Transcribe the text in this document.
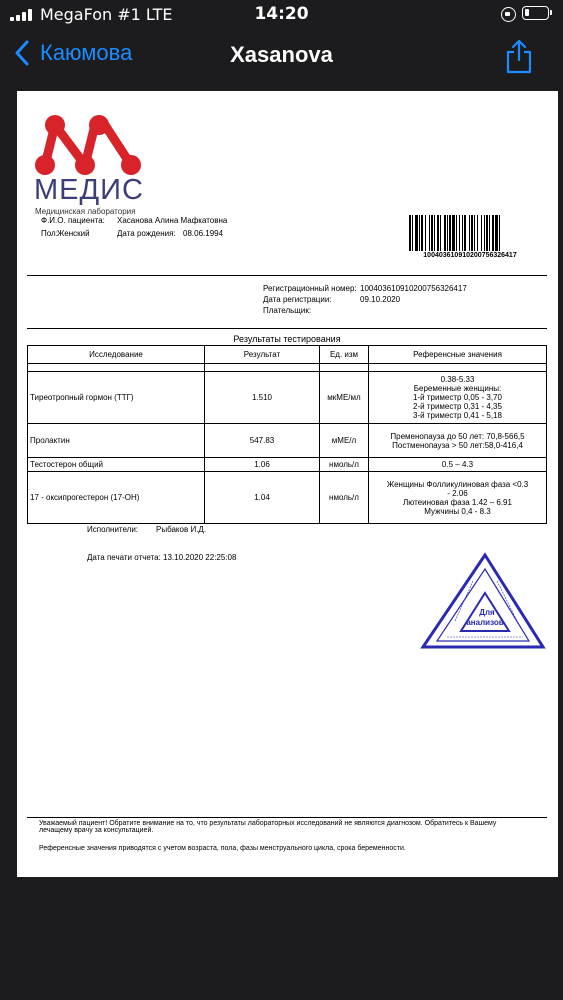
MegaFon #1 LTE	14:20
Каюмова	Xasanova
МЕДИС
Медицинская лаборатория
Ф.И.О. пациента: Хасанова Алина Мафкатовна
Пол: Женский	Дата рождения: 08.06.1994
100403610910200756326417
Регистрационный номер: 100403610910200756326417
Дата регистрации:	09.10.2020
Плательщик:
Результаты тестирования
Исследование	Результат	Ед. изм	Референсные значения

Тиреотропный гормон (ТТГ)	1.510	мкМЕ/мл	0.38-5.33
Беременные женщины:
1-й триместр 0,05 - 3,70
2-й триместр 0,31 - 4,35
3-й триместр 0,41 - 5,18

Пролактин	547.83	мМЕ/л	Пременопауза до 50 лет: 70,8-566,5
Постменопауза > 50 лет:58,0-416,4

Тестостерон общий	1.06	нмоль/л	0.5 – 4.3

17 - оксипрогестерон (17-ОН)	1.04	нмоль/л	Женщины Фолликулиновая фаза <0.3
- 2.06
Лютеиновая фаза 1.42 – 6.91
Мужчины 0,4 - 8.3
Исполнители: Рыбаков И.Д.
Дата печати отчета: 13.10.2020 22:25:08
Для
анализов
Уважаемый пациент! Обратите внимание на то, что результаты лабораторных исследований не являются диагнозом. Обратитесь к Вашему лечащему врачу за консультацией.
Референсные значения приводятся с учетом возраста, пола, фазы менструального цикла, срока беременности.
